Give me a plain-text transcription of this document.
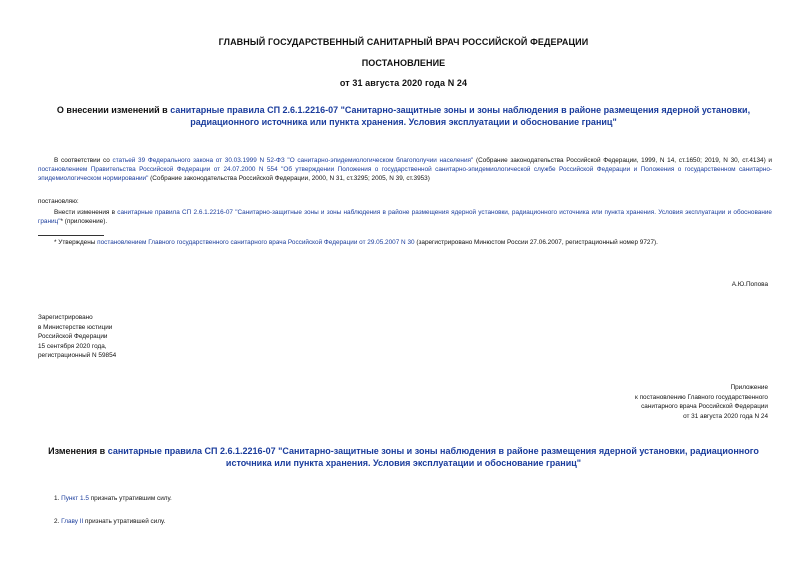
ГЛАВНЫЙ ГОСУДАРСТВЕННЫЙ САНИТАРНЫЙ ВРАЧ РОССИЙСКОЙ ФЕДЕРАЦИИ
ПОСТАНОВЛЕНИЕ
от 31 августа 2020 года N 24
О внесении изменений в санитарные правила СП 2.6.1.2216-07 "Санитарно-защитные зоны и зоны наблюдения в районе размещения ядерной установки, радиационного источника или пункта хранения. Условия эксплуатации и обоснование границ"
В соответствии со статьей 39 Федерального закона от 30.03.1999 N 52-ФЗ "О санитарно-эпидемиологическом благополучии населения" (Собрание законодательства Российской Федерации, 1999, N 14, ст.1650; 2019, N 30, ст.4134) и постановлением Правительства Российской Федерации от 24.07.2000 N 554 "Об утверждении Положения о государственной санитарно-эпидемиологической службе Российской Федерации и Положения о государственном санитарно-эпидемиологическом нормировании" (Собрание законодательства Российской Федерации, 2000, N 31, ст.3295; 2005, N 39, ст.3953)
постановляю:
Внести изменения в санитарные правила СП 2.6.1.2216-07 "Санитарно-защитные зоны и зоны наблюдения в районе размещения ядерной установки, радиационного источника или пункта хранения. Условия эксплуатации и обоснование границ"* (приложение).
* Утверждены постановлением Главного государственного санитарного врача Российской Федерации от 29.05.2007 N 30 (зарегистрировано Минюстом России 27.06.2007, регистрационный номер 9727).
А.Ю.Попова
Зарегистрировано
в Министерстве юстиции
Российской Федерации
15 сентября 2020 года,
регистрационный N 59854
Приложение
к постановлению Главного государственного
санитарного врача Российской Федерации
от 31 августа 2020 года N 24
Изменения в санитарные правила СП 2.6.1.2216-07 "Санитарно-защитные зоны и зоны наблюдения в районе размещения ядерной установки, радиационного источника или пункта хранения. Условия эксплуатации и обоснование границ"
1. Пункт 1.5 признать утратившим силу.
2. Главу II признать утратившей силу.
